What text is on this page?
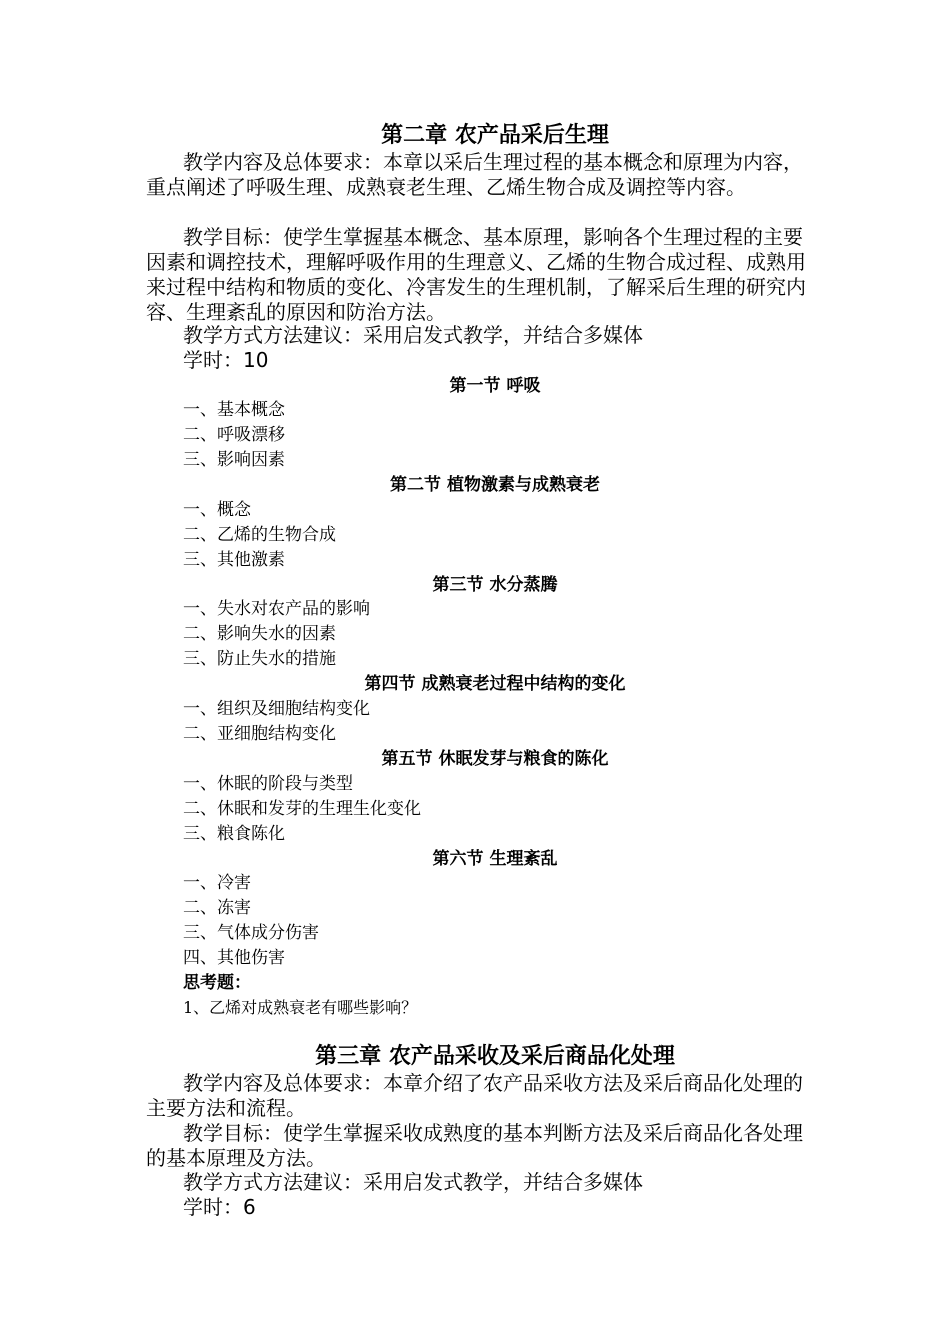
第二章 农产品采后生理
教学内容及总体要求：本章以采后生理过程的基本概念和原理为内容，重点阐述了呼吸生理、成熟衰老生理、乙烯生物合成及调控等内容。
教学目标：使学生掌握基本概念、基本原理，影响各个生理过程的主要因素和调控技术，理解呼吸作用的生理意义、乙烯的生物合成过程、成熟用来过程中结构和物质的变化、冷害发生的生理机制，了解采后生理的研究内容、生理紊乱的原因和防治方法。
教学方式方法建议：采用启发式教学，并结合多媒体
学时：10
第一节 呼吸
一、基本概念
二、呼吸漂移
三、影响因素
第二节 植物激素与成熟衰老
一、概念
二、乙烯的生物合成
三、其他激素
第三节 水分蒸腾
一、失水对农产品的影响
二、影响失水的因素
三、防止失水的措施
第四节 成熟衰老过程中结构的变化
一、组织及细胞结构变化
二、亚细胞结构变化
第五节 休眠发芽与粮食的陈化
一、休眠的阶段与类型
二、休眠和发芽的生理生化变化
三、粮食陈化
第六节 生理紊乱
一、冷害
二、冻害
三、气体成分伤害
四、其他伤害
思考题：
1、乙烯对成熟衰老有哪些影响？
第三章 农产品采收及采后商品化处理
教学内容及总体要求：本章介绍了农产品采收方法及采后商品化处理的主要方法和流程。
教学目标：使学生掌握采收成熟度的基本判断方法及采后商品化各处理的基本原理及方法。
教学方式方法建议：采用启发式教学，并结合多媒体
学时：6
